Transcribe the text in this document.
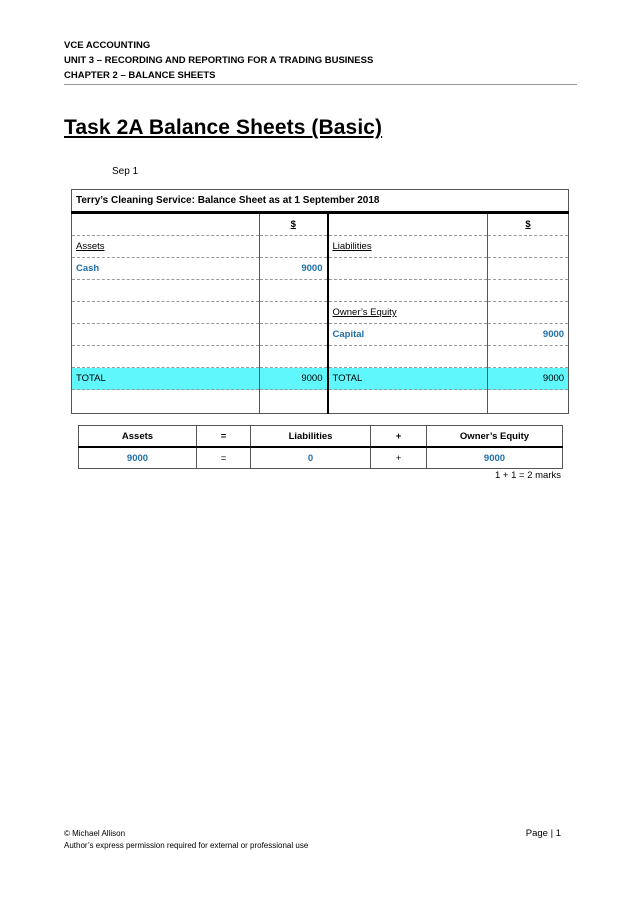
VCE ACCOUNTING
UNIT 3 – RECORDING AND REPORTING FOR A TRADING BUSINESS
CHAPTER 2 – BALANCE SHEETS
Task 2A Balance Sheets (Basic)
Sep 1
Terry’s Cleaning Service: Balance Sheet as at 1 September 2018			
	$		$
Assets		Liabilities	
Cash	9000		

		Owner’s Equity	
		Capital	9000

TOTAL	9000	TOTAL	9000

Assets	=	Liabilities	+	Owner’s Equity
9000	=	0	+	9000
1 + 1 = 2 marks
© Michael Allison
Author’s express permission required for external or professional use
Page | 1
